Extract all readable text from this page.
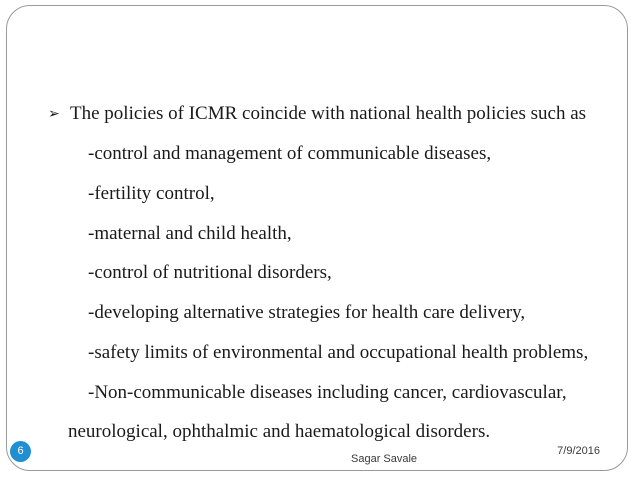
➢ The policies of ICMR coincide with national health policies such as
-control and management of communicable diseases,
-fertility control,
-maternal and child health,
-control of nutritional disorders,
-developing alternative strategies for health care delivery,
-safety limits of environmental and occupational health problems,
-Non-communicable diseases including cancer, cardiovascular,
neurological, ophthalmic and haematological disorders.
6	7/9/2016
Sagar Savale
